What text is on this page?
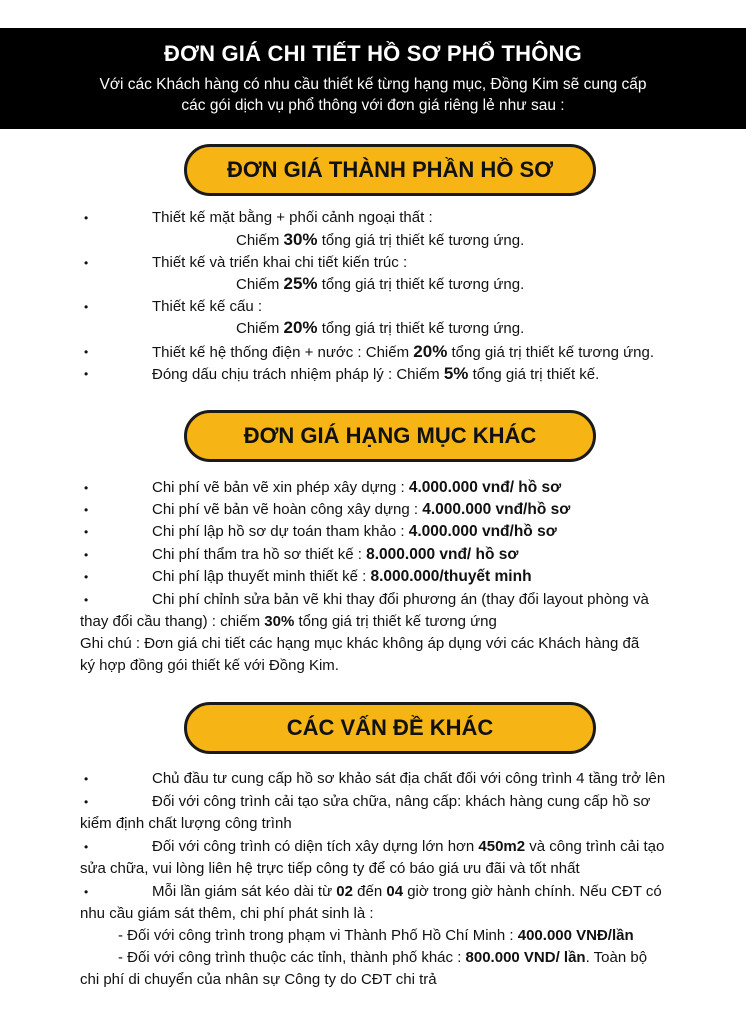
ĐƠN GIÁ CHI TIẾT HỒ SƠ PHỔ THÔNG
Với các Khách hàng có nhu cầu thiết kế từng hạng mục, Đồng Kim sẽ cung cấp
các gói dịch vụ phổ thông với đơn giá riêng lẻ như sau :
ĐƠN GIÁ THÀNH PHẦN HỒ SƠ
•	Thiết kế mặt bằng + phối cảnh ngoại thất :
Chiếm 30% tổng giá trị thiết kế tương ứng.
•	Thiết kế và triển khai chi tiết kiến trúc :
Chiếm 25% tổng giá trị thiết kế tương ứng.
•	Thiết kế kế cấu :
Chiếm 20% tổng giá trị thiết kế tương ứng.
•	Thiết kế hệ thống điện + nước : Chiếm 20% tổng giá trị thiết kế tương ứng.
•	Đóng dấu chịu trách nhiệm pháp lý : Chiếm 5% tổng giá trị thiết kế.
ĐƠN GIÁ HẠNG MỤC KHÁC
•	Chi phí vẽ bản vẽ xin phép xây dựng : 4.000.000 vnđ/ hồ sơ
•	Chi phí vẽ bản vẽ hoàn công xây dựng : 4.000.000 vnđ/hồ sơ
•	Chi phí lập hồ sơ dự toán tham khảo : 4.000.000 vnđ/hồ sơ
•	Chi phí thẩm tra hồ sơ thiết kế : 8.000.000 vnđ/ hồ sơ
•	Chi phí lập thuyết minh thiết kế : 8.000.000/thuyết minh
•	Chi phí chỉnh sửa bản vẽ khi thay đổi phương án (thay đổi layout phòng và
thay đổi cầu thang) : chiếm 30% tổng giá trị thiết kế tương ứng
Ghi chú : Đơn giá chi tiết các hạng mục khác không áp dụng với các Khách hàng đã
ký hợp đồng gói thiết kế với Đồng Kim.
CÁC VẤN ĐỀ KHÁC
•	Chủ đầu tư cung cấp hồ sơ khảo sát địa chất đối với công trình 4 tầng trở lên
•	Đối với công trình cải tạo sửa chữa, nâng cấp: khách hàng cung cấp hồ sơ
kiểm định chất lượng công trình
•	Đối với công trình có diện tích xây dựng lớn hơn 450m2 và công trình cải tạo
sửa chữa, vui lòng liên hệ trực tiếp công ty để có báo giá ưu đãi và tốt nhất
•	Mỗi lần giám sát kéo dài từ 02 đến 04 giờ trong giờ hành chính. Nếu CĐT có
nhu cầu giám sát thêm, chi phí phát sinh là :
- Đối với công trình trong phạm vi Thành Phố Hồ Chí Minh : 400.000 VNĐ/lần
- Đối với công trình thuộc các tỉnh, thành phố khác : 800.000 VND/ lần. Toàn bộ
chi phí di chuyển của nhân sự Công ty do CĐT chi trả
